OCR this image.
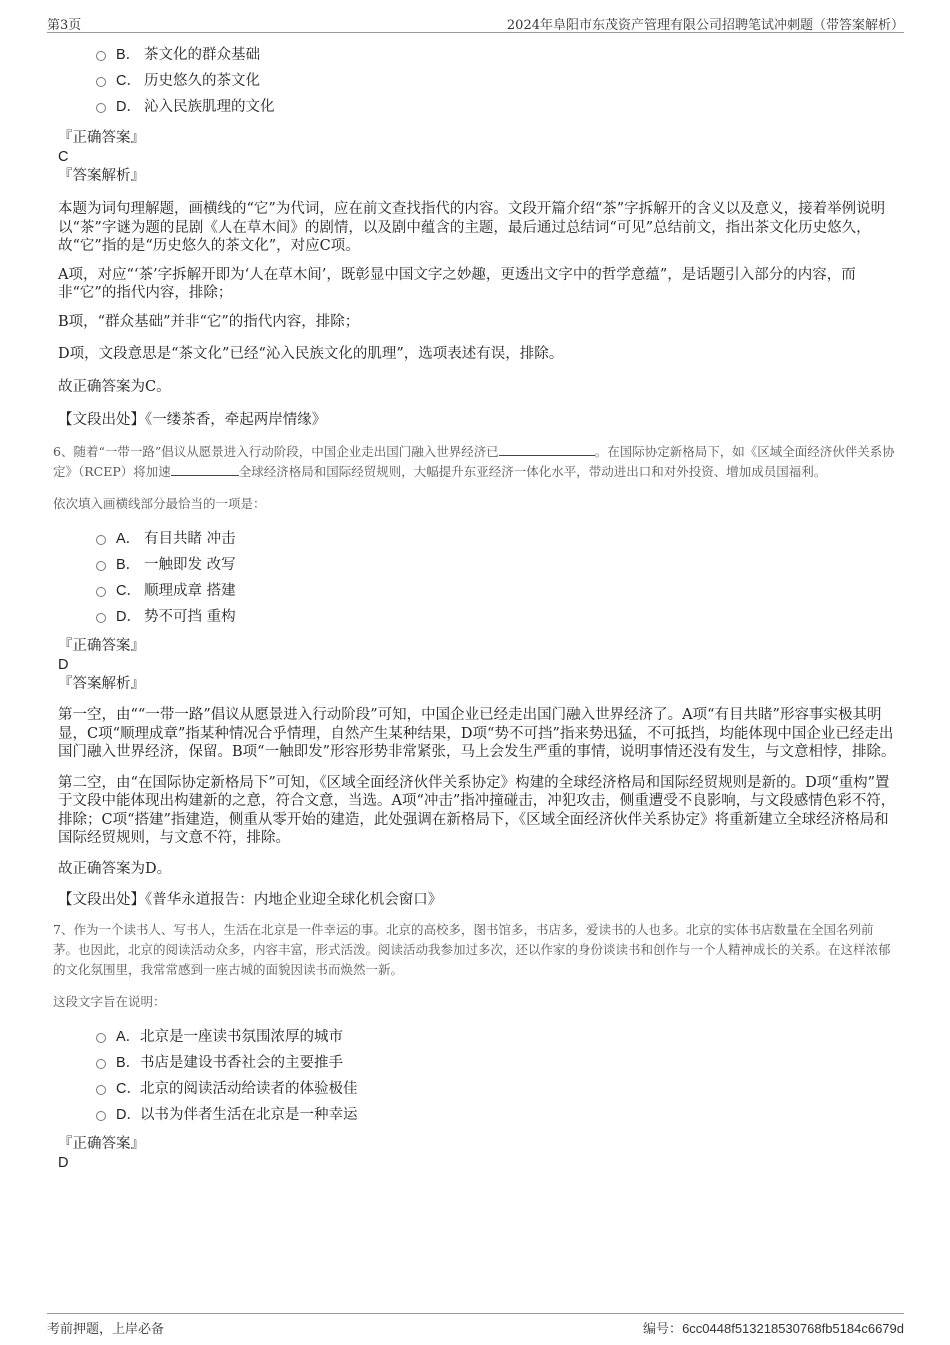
第3页	2024年阜阳市东茂资产管理有限公司招聘笔试冲刺题（带答案解析）
B． 茶文化的群众基础
C． 历史悠久的茶文化
D． 沁入民族肌理的文化
『正确答案』
C
『答案解析』

本题为词句理解题，画横线的“它”为代词，应在前文查找指代的内容。文段开篇介绍“茶”字拆解开的含义以及意义，接着举例说明以“茶”字谜为题的昆剧《人在草木间》的剧情，以及剧中蕴含的主题，最后通过总结词“可见”总结前文，指出茶文化历史悠久，故“它”指的是“历史悠久的茶文化”，对应C项。

A项，对应“‘茶’字拆解开即为‘人在草木间’，既彰显中国文字之妙趣，更透出文字中的哲学意蕴”，是话题引入部分的内容，而非“它”的指代内容，排除；

B项，“群众基础”并非“它”的指代内容，排除；

D项，文段意思是“茶文化”已经“沁入民族文化的肌理”，选项表述有误，排除。

故正确答案为C。

【文段出处】《一缕茶香，牵起两岸情缘》
6、随着“一带一路”倡议从愿景进入行动阶段，中国企业走出国门融入世界经济已	。在国际协定新格局下，如《区域全面经济伙伴关系协定》（RCEP）将加速	全球经济格局和国际经贸规则，大幅提升东亚经济一体化水平，带动进出口和对外投资、增加成员国福利。
依次填入画横线部分最恰当的一项是：
A． 有目共睹 冲击
B． 一触即发 改写
C． 顺理成章 搭建
D． 势不可挡 重构
『正确答案』
D
『答案解析』

第一空，由““一带一路”倡议从愿景进入行动阶段”可知，中国企业已经走出国门融入世界经济了。A项“有目共睹”形容事实极其明显，C项“顺理成章”指某种情况合乎情理，自然产生某种结果，D项“势不可挡”指来势迅猛，不可抵挡，均能体现中国企业已经走出国门融入世界经济，保留。B项“一触即发”形容形势非常紧张，马上会发生严重的事情，说明事情还没有发生，与文意相悖，排除。

第二空，由“在国际协定新格局下”可知，《区域全面经济伙伴关系协定》构建的全球经济格局和国际经贸规则是新的。D项“重构”置于文段中能体现出构建新的之意，符合文意，当选。A项“冲击”指冲撞碰击，冲犯攻击，侧重遭受不良影响，与文段感情色彩不符，排除；C项“搭建”指建造，侧重从零开始的建造，此处强调在新格局下，《区域全面经济伙伴关系协定》将重新建立全球经济格局和国际经贸规则，与文意不符，排除。

故正确答案为D。

【文段出处】《普华永道报告：内地企业迎全球化机会窗口》
7、作为一个读书人、写书人，生活在北京是一件幸运的事。北京的高校多，图书馆多，书店多，爱读书的人也多。北京的实体书店数量在全国名列前茅。也因此，北京的阅读活动众多，内容丰富，形式活泼。阅读活动我参加过多次，还以作家的身份谈读书和创作与一个人精神成长的关系。在这样浓郁的文化氛围里，我常常感到一座古城的面貌因读书而焕然一新。
这段文字旨在说明：
A． 北京是一座读书氛围浓厚的城市
B． 书店是建设书香社会的主要推手
C． 北京的阅读活动给读者的体验极佳
D． 以书为伴者生活在北京是一种幸运
『正确答案』
D
考前押题，上岸必备	编号：6cc0448f513218530768fb5184c6679d
